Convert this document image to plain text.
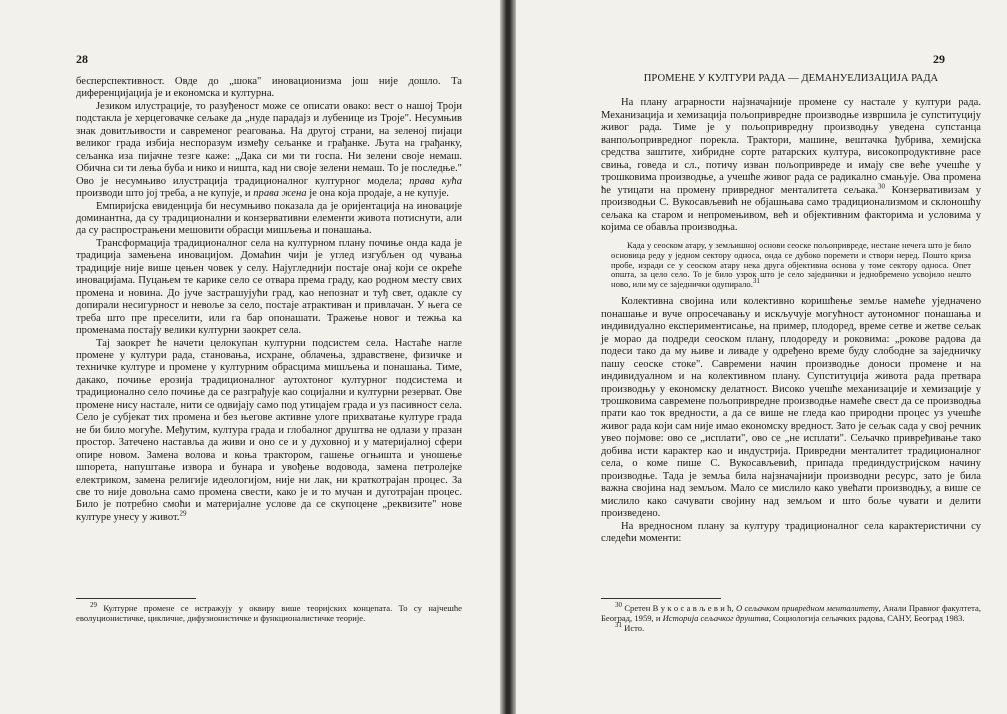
28

бесперспективност. Овде до „шока" иновационизма још није дошло. Та диференцијација је и економска и културна.

Језиком илустрације, то разуђеност може се описати овако: вест о нашој Троји подстакла је херцеговачке сељаке да „нуде парадајз и лубенице из Троје". Несумњив знак довитљивости и савременог реаговања. На другој страни, на зеленој пијаци великог града избија неспоразум између сељанке и грађанке. Љута на грађанку, сељанка иза пијачне тезге каже: „Дака си ми ти госпа. Ни зелени своје немаш. Обична си ти лења буба и нико и ништа, кад ни своје зелени немаш. То је последње." Ово је несумњиво илустрација традиционалног културног модела; права кућа производи што јој треба, а не купује, и права жена је она која продаје, а не купује.

Емпиријска евиденција би несумњиво показала да је оријентација на иновације доминантна, да су традиционални и конзервативни елементи живота потиснути, али да су распрострањени мешовити обрасци мишљења и понашања.

Трансформација традиционалног села на културном плану почиње онда када је традиција замењена иновацијом. Домаћин чији је углед изгубљен од чувања традиције није више цењен човек у селу. Најугледнији постаје онај који се окреће иновацијама. Пуцањем те карике село се отвара према граду, као родном месту свих промена и новина. До јуче застрашујући град, као непознат и туђ свет, одакле су допирали несигурност и невоље за село, постаје атрактиван и привлачан. У њега се треба што пре преселити, или га бар опонашати. Тражење новог и тежња ка променама постају велики културни заокрет села.

Тај заокрет ће начети целокупан културни подсистем села. Настаће нагле промене у култури рада, становања, исхране, облачења, здравствене, физичке и техничке културе и промене у културним обрасцима мишљења и понашања. Тиме, дакако, почиње ерозија традиционалног аутохтоног културног подсистема и традиционално село почиње да се разграђује као социјални и културни резерват. Ове промене нису настале, нити се одвијају само под утицајем града и уз пасивност села. Село је субјекат тих промена и без његове активне улоге прихватање културе града не би било могуће. Међутим, култура града и глобалног друштва не одлази у празан простор. Затечено наставља да живи и оно се и у духовној и у материјалној сфери опире новом. Замена волова и коња трактором, гашење огњишта и уношење шпорета, напуштање извора и бунара и увођење водовода, замена петролејке електриком, замена религије идеологијом, није ни лак, ни краткотрајан процес. За све то није довољна само промена свести, како је и то мучан и дуготрајан процес. Било је потребно смоћи и материјалне услове да се скупоцене „реквизите" нове културе унесу у живот.$^{29}$

$^{29}$ Културне промене се истражују у оквиру више теоријских концепата. То су најчешће еволуционистичке, цикличне, дифузионистичке и функционалистичке теорије.

29

ПРОМЕНЕ У КУЛТУРИ РАДА — ДЕМАНУЕЛИЗАЦИЈА РАДА

На плану аграрности најзначајније промене су настале у култури рада. Механизација и хемизација пољопривредне производње извршила је супституцију живог рада. Тиме је у пољопривредну производњу уведена супстанца ванпољопривредног порекла. Трактори, машине, вештачка ђубрива, хемијска средства заштите, хибридне сорте ратарских култура, високопродуктивне расе свиња, говеда и сл., потичу изван пољопривреде и имају све веће учешће у трошковима производње, а учешће живог рада се радикално смањује. Ова промена ће утицати на промену привредног менталитета сељака.$^{30}$ Конзервативизам у производњи С. Вукосављевић не објашњава само традиционализмом и склоношћу сељака ка старом и непромењивом, већ и објективним факторима и условима у којима се обавља производња.

Када у сеоском атару, у земљишној основи сеоске пољопривреде, нестане нечега што је било основица реду у једном сектору односа, онда се дубоко поремети и створи неред. Пошто криза пробе, изради се у сеоском атару нека друга објективна основа у томе сектору односа. Опет општа, за цело село. То је било узрок што је село заједнички и једнобремено усвојило нешто ново, или му се заједнички одупирало.$^{31}$

Колективна својина или колективно коришћење земље намеће уједначено понашање и вуче опросечавању и искључује могућност аутономног понашања и индивидуално експериментисање, на пример, плодоред, време сетве и жетве сељак је морао да подреди сеоском плану, плодореду и роковима: „рокове радова да подеси тако да му њиве и ливаде у одређено време буду слободне за заједничку пашу сеоске стоке". Савремени начин производње доноси промене и на индивидуалном и на колективном плану. Супституција живота рада претвара производњу у економску делатност. Високо учешће механизације и хемизације у трошковима савремене пољопривредне производње намеће свест да се производња прати као ток вредности, а да се више не гледа као природни процес уз учешће живог рада који сам није имао економску вредност. Зато је сељак сада у свој речник увео појмове: ово се „исплати", ово се „не исплати". Сељачко привређивање тако добива исти карактер као и индустрија. Привредни менталитет традиционалног села, о коме пише С. Вукосављевић, припада прединдустријском начину производње. Тада је земља била најзначајнији производни ресурс, зато је била важна својина над земљом. Мало се мислило како увећати производњу, а више се мислило како сачувати својину над земљом и што боље чувати и делити произведено.

На вредносном плану за културу традиционалног села карактеристични су следећи моменти:

$^{30}$ Сретен В у к о с а в љ е в и ћ, О сељачком привредном менталитету, Анали Правног факултета, Београд, 1959, и Историја сељачког друштва, Социологија сељачких радова, САНУ, Београд 1983.

$^{31}$ Исто.
